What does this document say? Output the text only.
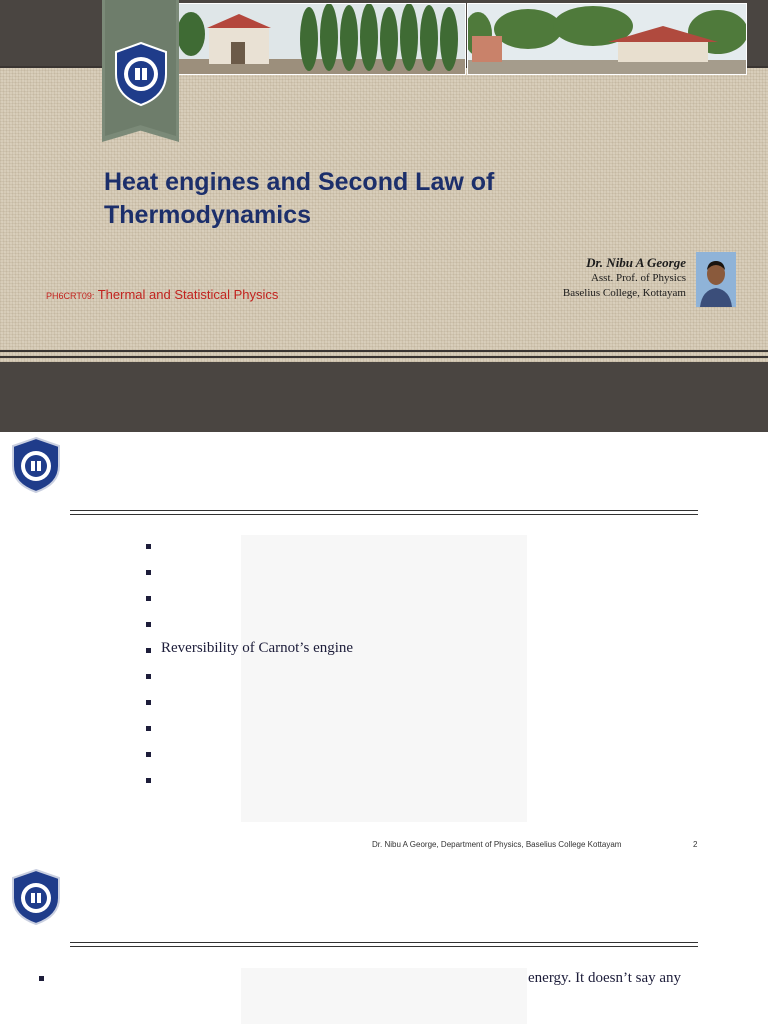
Heat engines and Second Law of Thermodynamics
PH6CRT09: Thermal and Statistical Physics
Dr. Nibu A George
Asst. Prof. of Physics
Baselius College, Kottayam
Reversibility of Carnot’s engine
Dr. Nibu A George, Department of Physics, Baselius College Kottayam	2
energy. It doesn’t say any
